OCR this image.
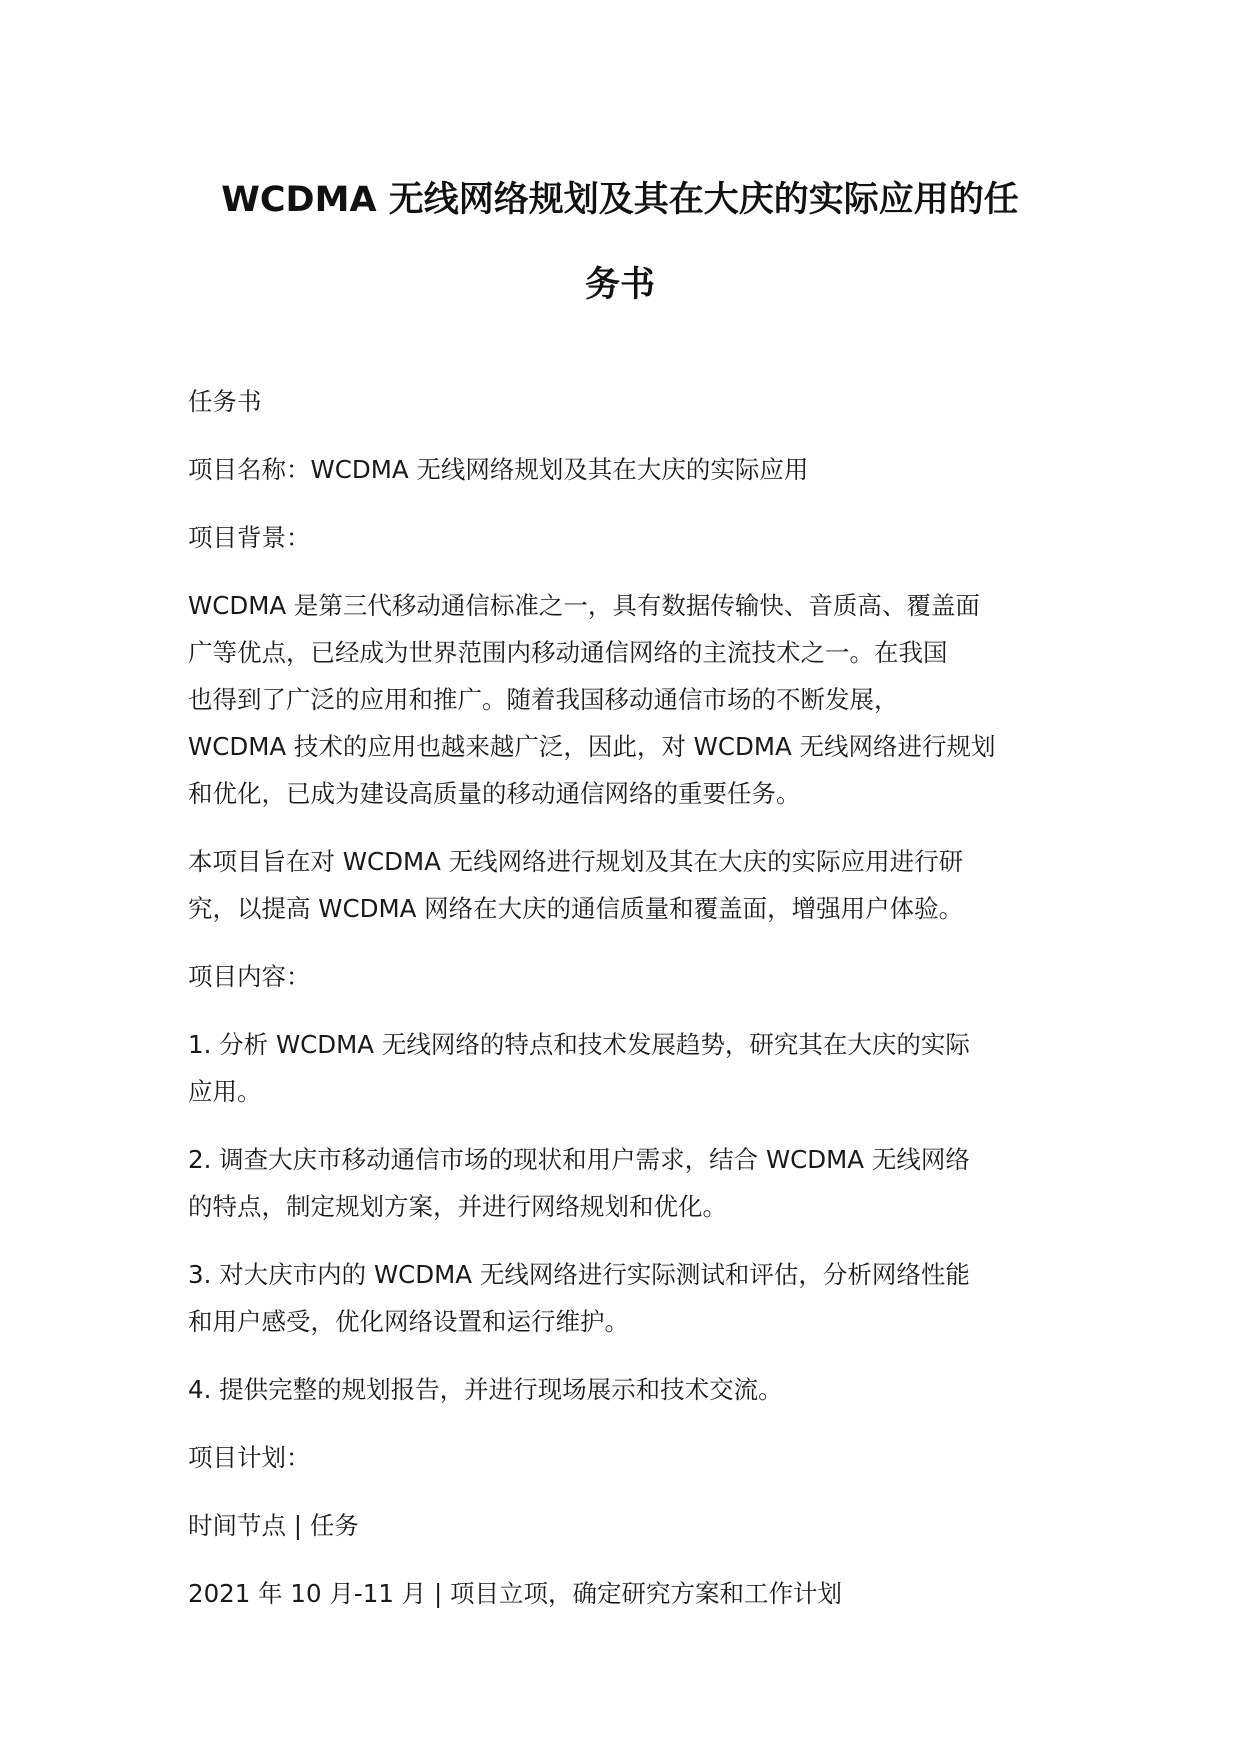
WCDMA 无线网络规划及其在大庆的实际应用的任
务书

任务书

项目名称：WCDMA 无线网络规划及其在大庆的实际应用

项目背景：

WCDMA 是第三代移动通信标准之一，具有数据传输快、音质高、覆盖面
广等优点，已经成为世界范围内移动通信网络的主流技术之一。在我国
也得到了广泛的应用和推广。随着我国移动通信市场的不断发展，
WCDMA 技术的应用也越来越广泛，因此，对 WCDMA 无线网络进行规划
和优化，已成为建设高质量的移动通信网络的重要任务。

本项目旨在对 WCDMA 无线网络进行规划及其在大庆的实际应用进行研
究，以提高 WCDMA 网络在大庆的通信质量和覆盖面，增强用户体验。

项目内容：

1. 分析 WCDMA 无线网络的特点和技术发展趋势，研究其在大庆的实际
应用。

2. 调查大庆市移动通信市场的现状和用户需求，结合 WCDMA 无线网络
的特点，制定规划方案，并进行网络规划和优化。

3. 对大庆市内的 WCDMA 无线网络进行实际测试和评估，分析网络性能
和用户感受，优化网络设置和运行维护。

4. 提供完整的规划报告，并进行现场展示和技术交流。

项目计划：

时间节点 | 任务

2021 年 10 月-11 月 | 项目立项，确定研究方案和工作计划
